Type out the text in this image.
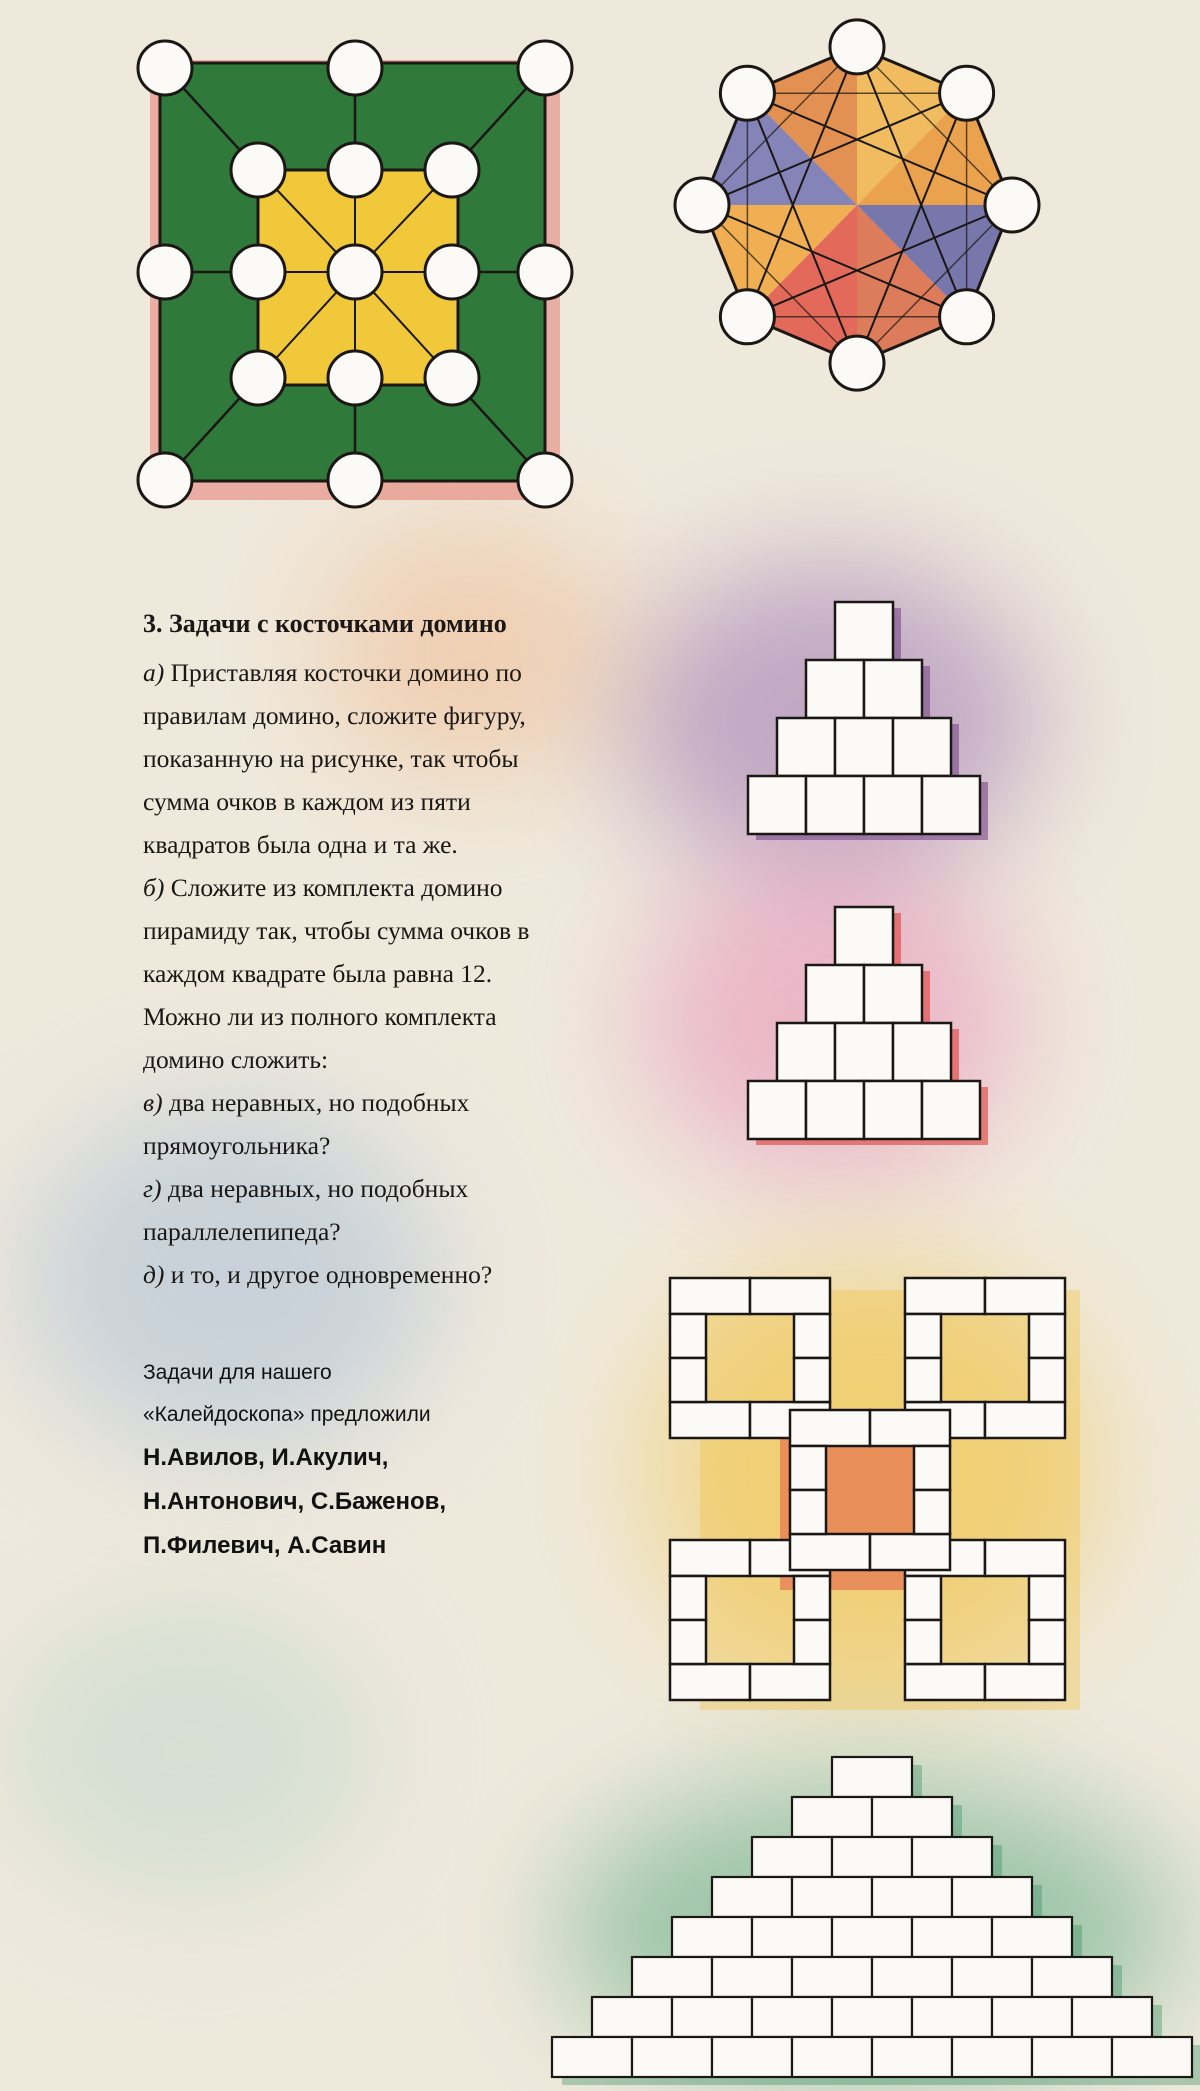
3. Задачи с косточками домино

а) Приставляя косточки домино по

правилам домино, сложите фигуру,

показанную на рисунке, так чтобы

сумма очков в каждом из пяти

квадратов была одна и та же.

б) Сложите из комплекта домино

пирамиду так, чтобы сумма очков в

каждом квадрате была равна 12.

Можно ли из полного комплекта

домино сложить:

в) два неравных, но подобных

прямоугольника?

г) два неравных, но подобных

параллелепипеда?

д) и то, и другое одновременно?

Задачи для нашего

«Калейдоскопа» предложили

Н.Авилов, И.Акулич,

Н.Антонович, С.Баженов,

П.Филевич, А.Савин
